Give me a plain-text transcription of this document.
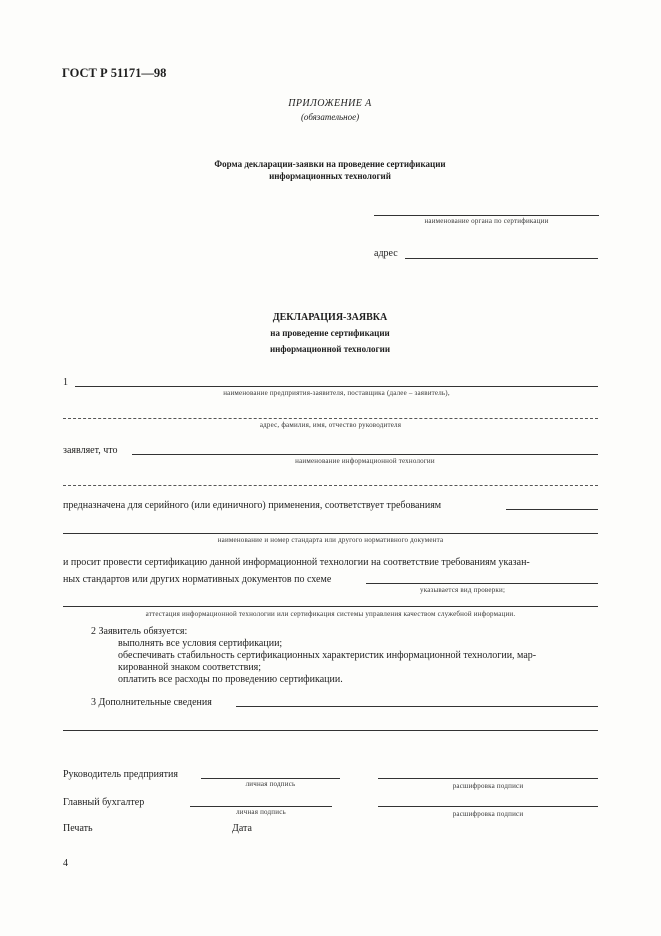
ГОСТ Р 51171—98
ПРИЛОЖЕНИЕ А
(обязательное)
Форма декларации-заявки на проведение сертификации
информационных технологий
наименование органа по сертификации
адрес
ДЕКЛАРАЦИЯ-ЗАЯВКА
на проведение сертификации
информационной технологии
1
наименование предприятия-заявителя, поставщика (далее – заявитель),
адрес, фамилия, имя, отчество руководителя
заявляет, что
наименование информационной технологии
предназначена для серийного (или единичного) применения, соответствует требованиям
наименование и номер стандарта или другого нормативного документа
и просит провести сертификацию данной информационной технологии на соответствие требованиям указан-
ных стандартов или других нормативных документов по схеме
указывается вид проверки;
аттестация информационной технологии или сертификация системы управления качеством служебной информации.
2 Заявитель обязуется:
выполнять все условия сертификации;
обеспечивать стабильность сертификационных характеристик информационной технологии, мар-
кированной знаком соответствия;
оплатить все расходы по проведению сертификации.
3 Дополнительные сведения
Руководитель предприятия
личная подпись	расшифровка подписи
Главный бухгалтер
личная подпись	расшифровка подписи
Печать	Дата
4
